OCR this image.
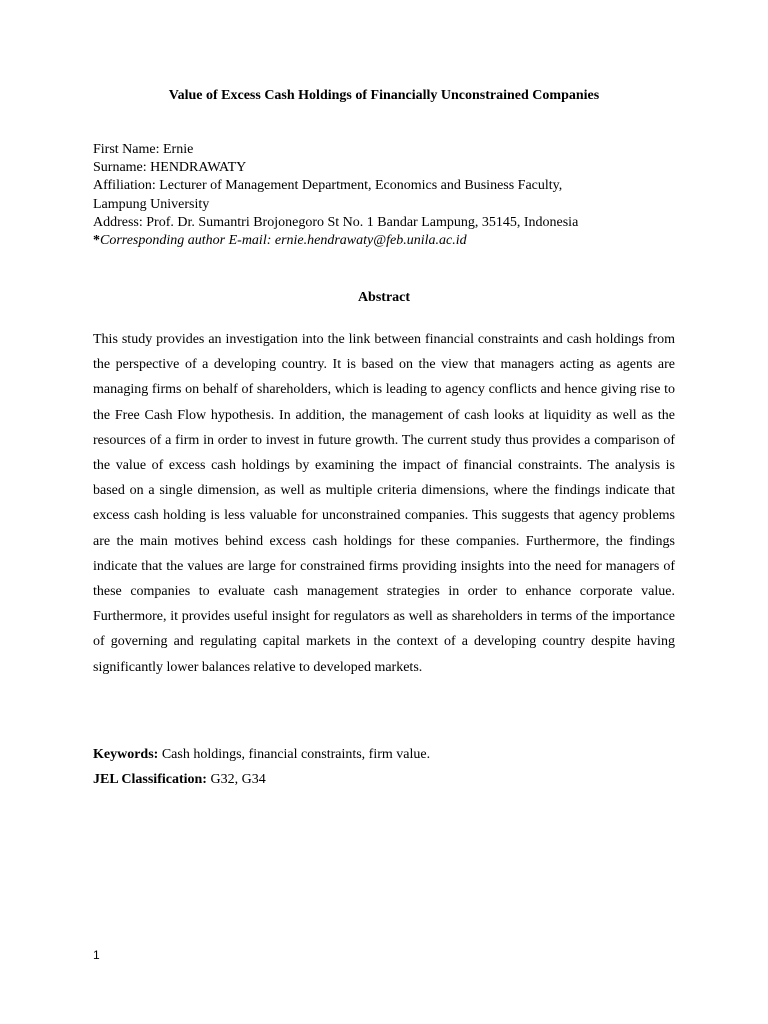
Value of Excess Cash Holdings of Financially Unconstrained Companies
First Name: Ernie
Surname: HENDRAWATY
Affiliation: Lecturer of Management Department, Economics and Business Faculty,
Lampung University
Address: Prof. Dr. Sumantri Brojonegoro St No. 1 Bandar Lampung, 35145, Indonesia
*Corresponding author E-mail: ernie.hendrawaty@feb.unila.ac.id
Abstract

This study provides an investigation into the link between financial constraints and cash holdings from the perspective of a developing country. It is based on the view that managers acting as agents are managing firms on behalf of shareholders, which is leading to agency conflicts and hence giving rise to the Free Cash Flow hypothesis. In addition, the management of cash looks at liquidity as well as the resources of a firm in order to invest in future growth. The current study thus provides a comparison of the value of excess cash holdings by examining the impact of financial constraints. The analysis is based on a single dimension, as well as multiple criteria dimensions, where the findings indicate that excess cash holding is less valuable for unconstrained companies. This suggests that agency problems are the main motives behind excess cash holdings for these companies. Furthermore, the findings indicate that the values are large for constrained firms providing insights into the need for managers of these companies to evaluate cash management strategies in order to enhance corporate value. Furthermore, it provides useful insight for regulators as well as shareholders in terms of the importance of governing and regulating capital markets in the context of a developing country despite having significantly lower balances relative to developed markets.

Keywords: Cash holdings, financial constraints, firm value.

JEL Classification: G32, G34

1
